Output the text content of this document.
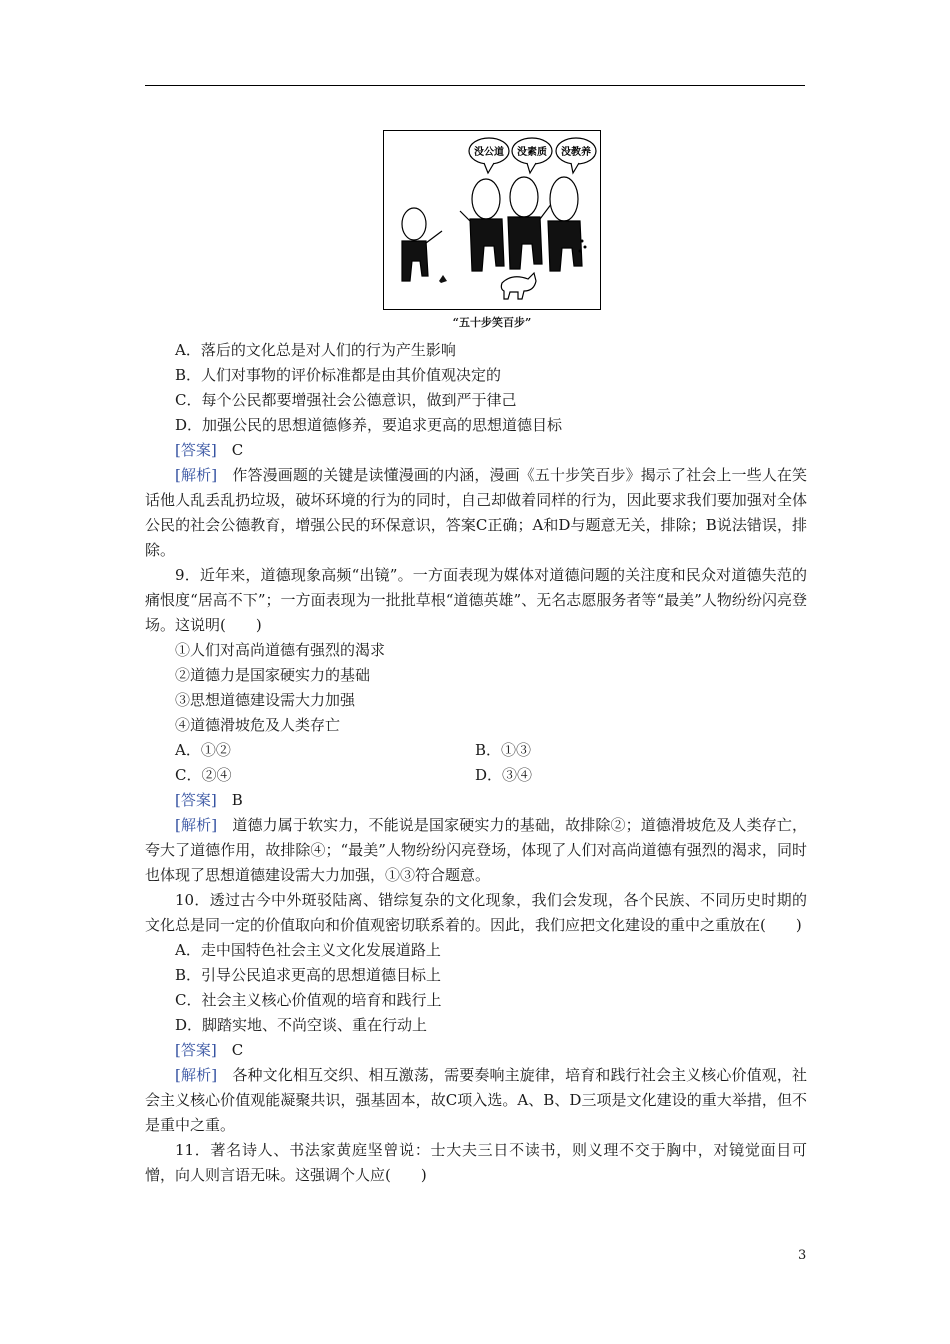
没公道 没素质 没教养
“五十步笑百步”
A．落后的文化总是对人们的行为产生影响
B．人们对事物的评价标准都是由其价值观决定的
C．每个公民都要增强社会公德意识，做到严于律己
D．加强公民的思想道德修养，要追求更高的思想道德目标
[答案]　 C
[解析]　 作答漫画题的关键是读懂漫画的内涵，漫画《五十步笑百步》揭示了社会上一些人在笑话他人乱丢乱扔垃圾，破坏环境的行为的同时，自己却做着同样的行为，因此要求我们要加强对全体公民的社会公德教育，增强公民的环保意识，答案C正确；A和D与题意无关，排除；B说法错误，排除。
9．近年来，道德现象高频“出镜”。一方面表现为媒体对道德问题的关注度和民众对道德失范的痛恨度“居高不下”；一方面表现为一批批草根“道德英雄”、无名志愿服务者等“最美”人物纷纷闪亮登场。这说明(　　)
①人们对高尚道德有强烈的渴求
②道德力是国家硬实力的基础
③思想道德建设需大力加强
④道德滑坡危及人类存亡
A．①②	B．①③
C．②④	D．③④
[答案]　 B
[解析]　 道德力属于软实力，不能说是国家硬实力的基础，故排除②；道德滑坡危及人类存亡，夸大了道德作用，故排除④；“最美”人物纷纷闪亮登场，体现了人们对高尚道德有强烈的渴求，同时也体现了思想道德建设需大力加强，①③符合题意。
10．透过古今中外斑驳陆离、错综复杂的文化现象，我们会发现，各个民族、不同历史时期的文化总是同一定的价值取向和价值观密切联系着的。因此，我们应把文化建设的重中之重放在(　　)
A．走中国特色社会主义文化发展道路上
B．引导公民追求更高的思想道德目标上
C．社会主义核心价值观的培育和践行上
D．脚踏实地、不尚空谈、重在行动上
[答案]　 C
[解析]　 各种文化相互交织、相互激荡，需要奏响主旋律，培育和践行社会主义核心价值观，社会主义核心价值观能凝聚共识，强基固本，故C项入选。A、B、D三项是文化建设的重大举措，但不是重中之重。
11．著名诗人、书法家黄庭坚曾说：士大夫三日不读书，则义理不交于胸中，对镜觉面目可憎，向人则言语无味。这强调个人应(　　)
3
